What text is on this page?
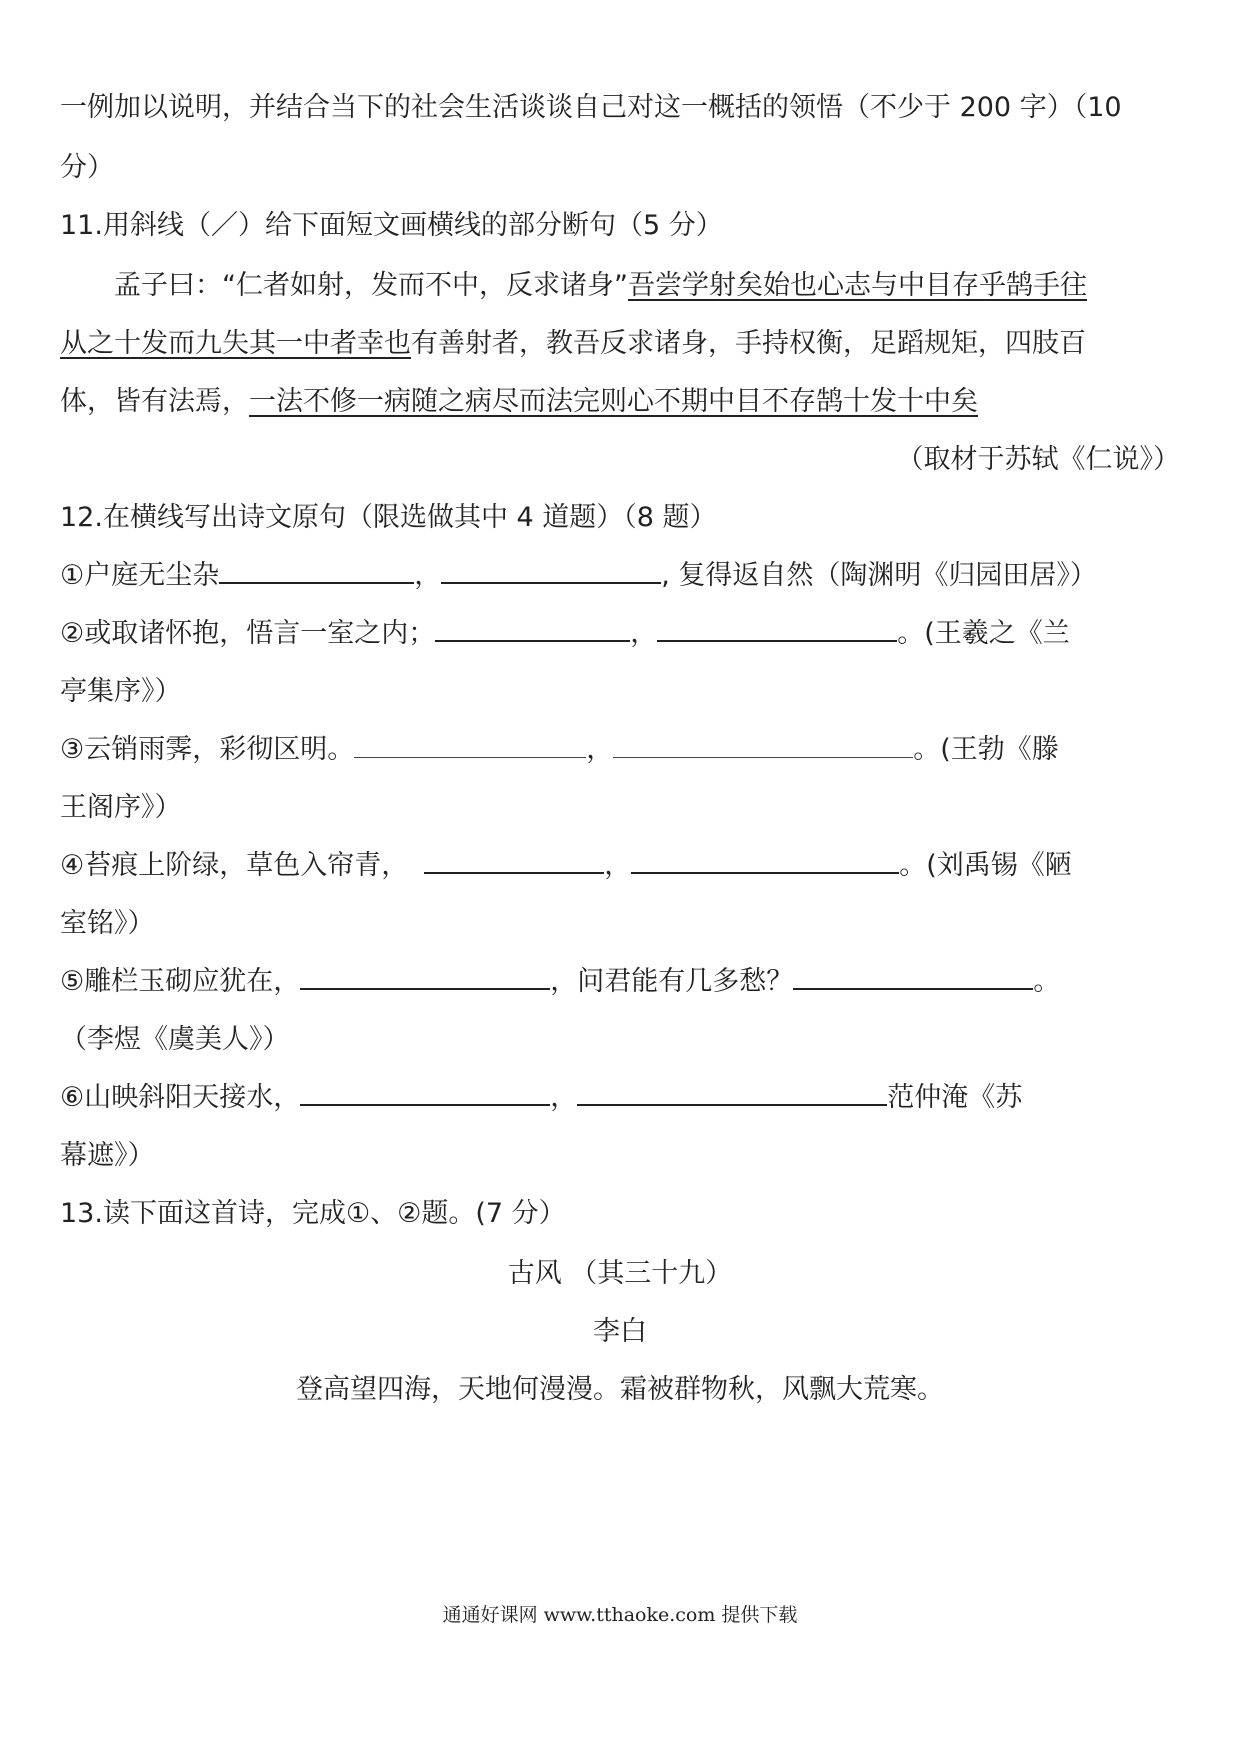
一例加以说明，并结合当下的社会生活谈谈自己对这一概括的领悟（不少于 200 字）（10
分）
11.用斜线（／）给下面短文画横线的部分断句（5 分）
孟子曰：“仁者如射，发而不中，反求诸身”吾尝学射矣始也心志与中目存乎鹄手往
从之十发而九失其一中者幸也有善射者，教吾反求诸身，手持权衡，足蹈规矩，四肢百
体，皆有法焉，一法不修一病随之病尽而法完则心不期中目不存鹄十发十中矣
（取材于苏轼《仁说》）
12.在横线写出诗文原句（限选做其中 4 道题）（8 题）
①户庭无尘杂	，	, 复得返自然（陶渊明《归园田居》）
②或取诸怀抱，悟言一室之内；	，	。(王羲之《兰
亭集序》）
③云销雨霁，彩彻区明。	，	。(王勃《滕
王阁序》）
④苔痕上阶绿，草色入帘青，	，	。(刘禹锡《陋
室铭》）
⑤雕栏玉砌应犹在，	，问君能有几多愁？	。
（李煜《虞美人》）
⑥山映斜阳天接水，	，	范仲淹《苏
幕遮》）
13.读下面这首诗，完成①、②题。(7 分）
古风 （其三十九）
李白
登高望四海，天地何漫漫。霜被群物秋，风飘大荒寒。
通通好课网 www.tthaoke.com 提供下载
